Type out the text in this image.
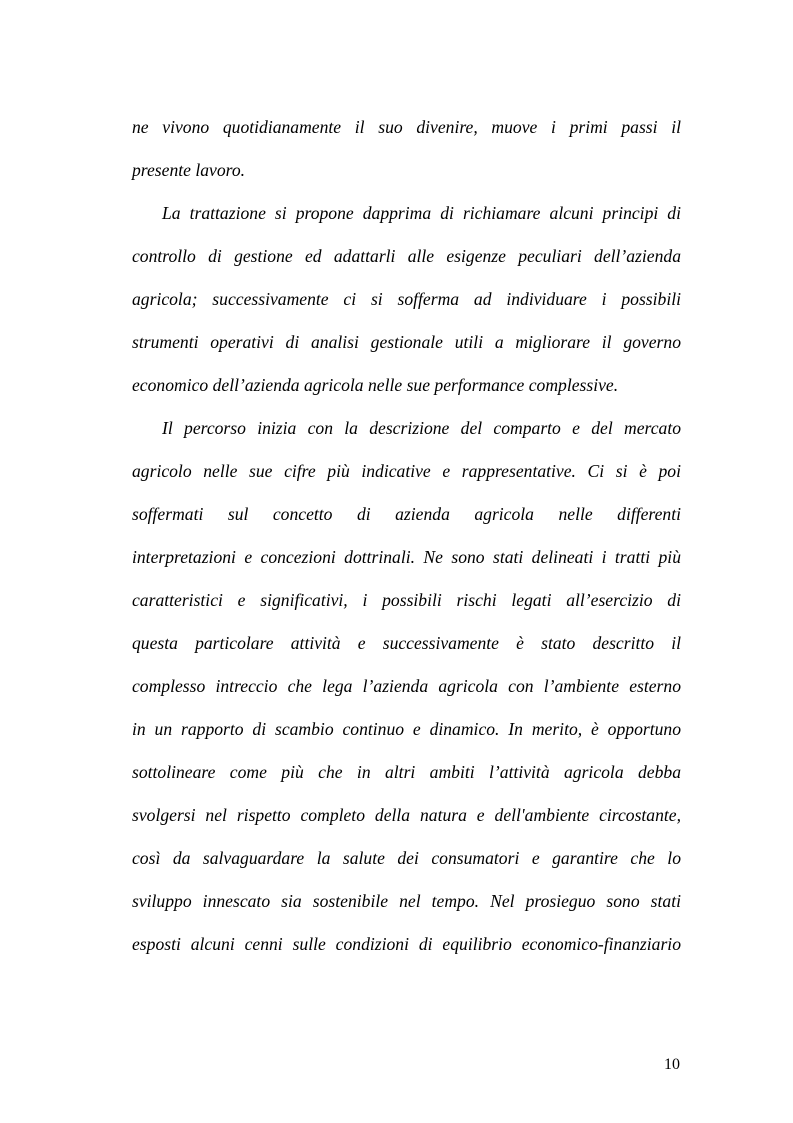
ne vivono quotidianamente il suo divenire, muove i primi passi il
presente lavoro.
La trattazione si propone dapprima di richiamare alcuni principi di
controllo di gestione ed adattarli alle esigenze peculiari dell’azienda
agricola; successivamente ci si sofferma ad individuare i possibili
strumenti operativi di analisi gestionale utili a migliorare il governo
economico dell’azienda agricola nelle sue performance complessive.
Il percorso inizia con la descrizione del comparto e del mercato
agricolo nelle sue cifre più indicative e rappresentative. Ci si è poi
soffermati sul concetto di azienda agricola nelle differenti
interpretazioni e concezioni dottrinali. Ne sono stati delineati i tratti più
caratteristici e significativi, i possibili rischi legati all’esercizio di
questa particolare attività e successivamente è stato descritto il
complesso intreccio che lega l’azienda agricola con l’ambiente esterno
in un rapporto di scambio continuo e dinamico. In merito, è opportuno
sottolineare come più che in altri ambiti l’attività agricola debba
svolgersi nel rispetto completo della natura e dell'ambiente circostante,
così da salvaguardare la salute dei consumatori e garantire che lo
sviluppo innescato sia sostenibile nel tempo. Nel prosieguo sono stati
esposti alcuni cenni sulle condizioni di equilibrio economico-finanziario
10
